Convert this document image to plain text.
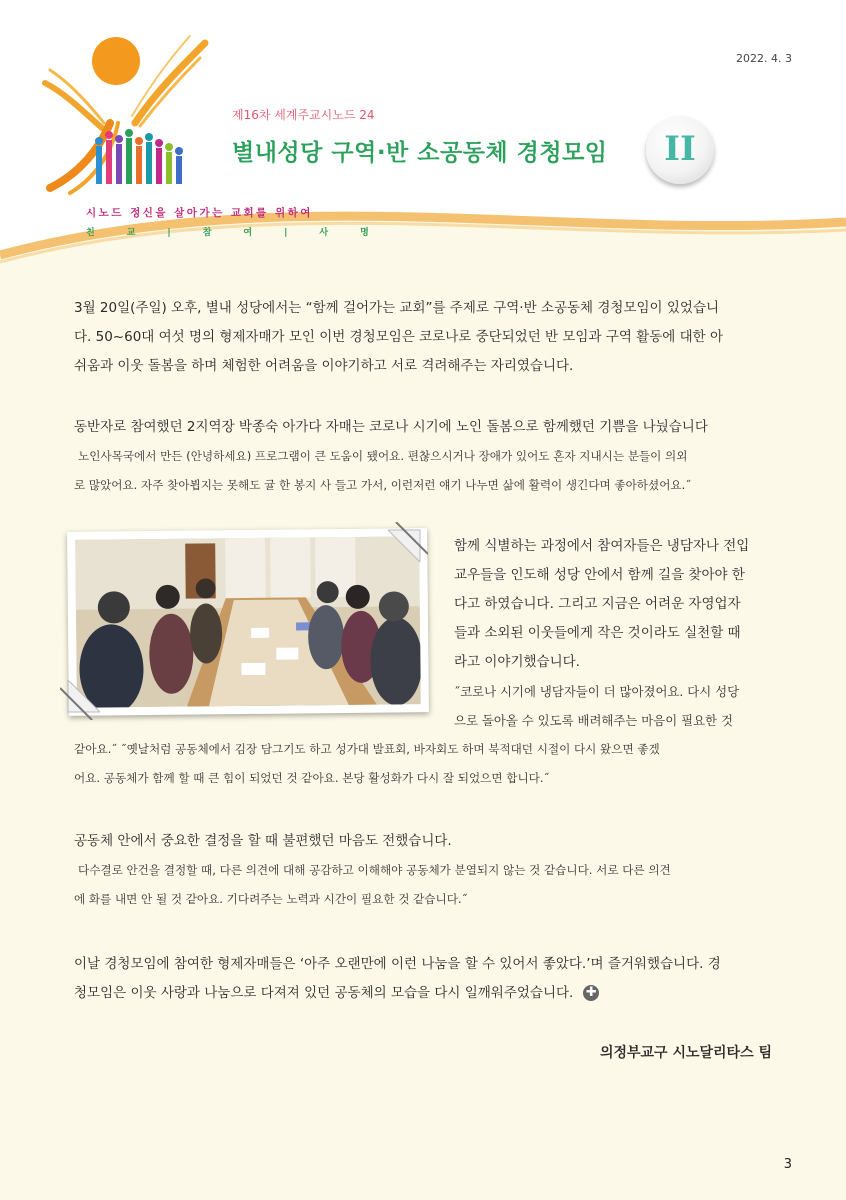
2022. 4. 3
제16차 세계주교시노드 24
별내성당 구역·반 소공동체 경청모임	II
시노드 정신을 살아가는 교회를 위하여
친	교	|	참	여	|	사	명

3월 20일(주일) 오후, 별내 성당에서는 “함께 걸어가는 교회”를 주제로 구역·반 소공동체 경청모임이 있었습니

다. 50~60대 여섯 명의 형제자매가 모인 이번 경청모임은 코로나로 중단되었던 반 모임과 구역 활동에 대한 아

쉬움과 이웃 돌봄을 하며 체험한 어려움을 이야기하고 서로 격려해주는 자리였습니다.

동반자로 참여했던 2지역장 박종숙 아가다 자매는 코로나 시기에 노인 돌봄으로 함께했던 기쁨을 나눴습니다

노인사목국에서 만든 (안녕하세요) 프로그램이 큰 도움이 됐어요. 편찮으시거나 장애가 있어도 혼자 지내시는 분들이 의외

로 많았어요. 자주 찾아뵙지는 못해도 귤 한 봉지 사 들고 가서, 이런저런 얘기 나누면 삶에 활력이 생긴다며 좋아하셨어요.˝

함께 식별하는 과정에서 참여자들은 냉담자나 전입

교우들을 인도해 성당 안에서 함께 길을 찾아야 한

다고 하였습니다. 그리고 지금은 어려운 자영업자

들과 소외된 이웃들에게 작은 것이라도 실천할 때

라고 이야기했습니다.

˝코로나 시기에 냉담자들이 더 많아졌어요. 다시 성당

으로 돌아올 수 있도록 배려해주는 마음이 필요한 것

같아요.˝ ˝옛날처럼 공동체에서 김장 담그기도 하고 성가대 발표회, 바자회도 하며 북적대던 시절이 다시 왔으면 좋겠

어요. 공동체가 함께 할 때 큰 힘이 되었던 것 같아요. 본당 활성화가 다시 잘 되었으면 합니다.˝

공동체 안에서 중요한 결정을 할 때 불편했던 마음도 전했습니다.

다수결로 안건을 결정할 때, 다른 의견에 대해 공감하고 이해해야 공동체가 분열되지 않는 것 같습니다. 서로 다른 의견

에 화를 내면 안 될 것 같아요. 기다려주는 노력과 시간이 필요한 것 같습니다.˝

이날 경청모임에 참여한 형제자매들은 ‘아주 오랜만에 이런 나눔을 할 수 있어서 좋았다.’며 즐거워했습니다. 경

청모임은 이웃 사랑과 나눔으로 다져져 있던 공동체의 모습을 다시 일깨워주었습니다. ✚

의정부교구 시노달리타스 팀
3
